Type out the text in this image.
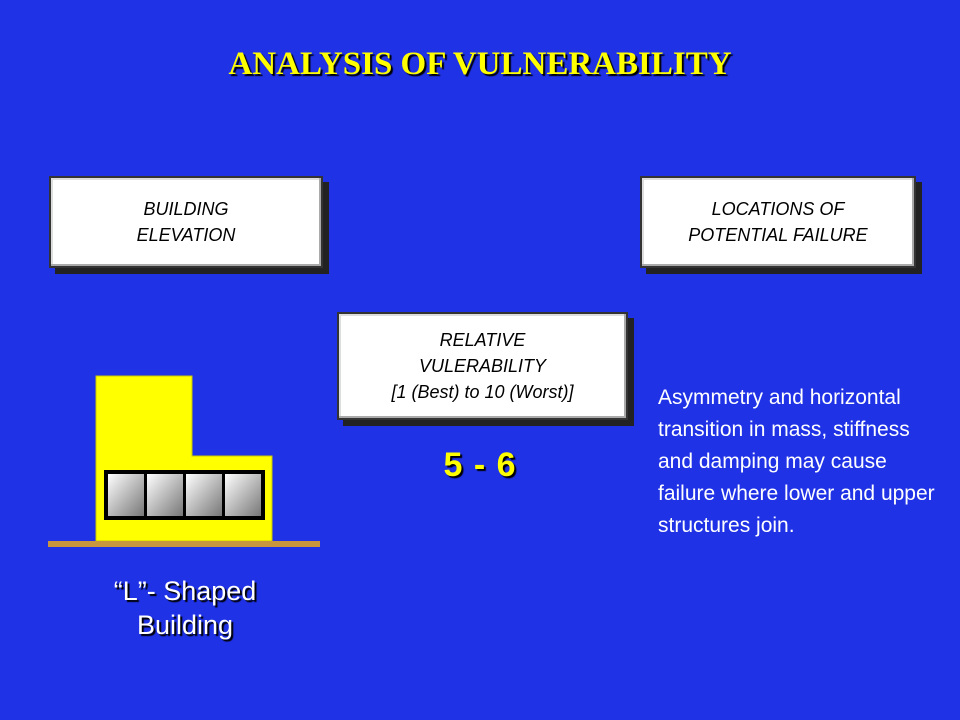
ANALYSIS OF VULNERABILITY
BUILDING
ELEVATION
LOCATIONS OF
POTENTIAL FAILURE
RELATIVE
VULERABILITY
[1 (Best) to 10 (Worst)]
5 - 6
Asymmetry and horizontal transition in mass, stiffness and damping may cause failure where lower and upper structures join.
“L”- Shaped
Building
